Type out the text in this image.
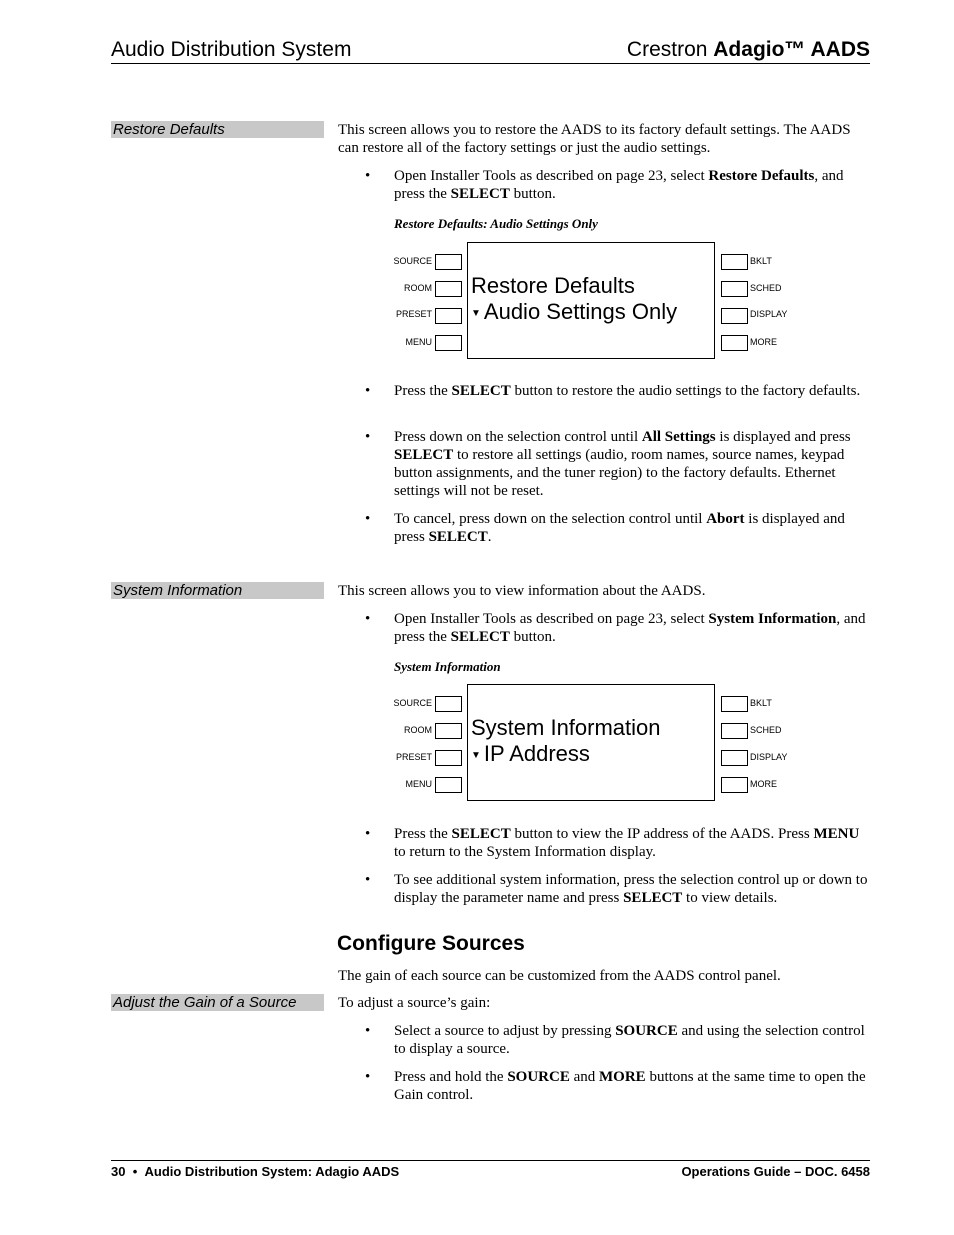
Audio Distribution System	Crestron Adagio™ AADS
Restore Defaults	This screen allows you to restore the AADS to its factory default settings. The AADS can restore all of the factory settings or just the audio settings.
• Open Installer Tools as described on page 23, select Restore Defaults, and press the SELECT button.
Restore Defaults: Audio Settings Only
SOURCE
ROOM
PRESET
MENU
Restore Defaults
▼ Audio Settings Only
BKLT
SCHED
DISPLAY
MORE
• Press the SELECT button to restore the audio settings to the factory defaults.
• Press down on the selection control until All Settings is displayed and press SELECT to restore all settings (audio, room names, source names, keypad button assignments, and the tuner region) to the factory defaults. Ethernet settings will not be reset.
• To cancel, press down on the selection control until Abort is displayed and press SELECT.
System Information	This screen allows you to view information about the AADS.
• Open Installer Tools as described on page 23, select System Information, and press the SELECT button.
System Information
SOURCE
ROOM
PRESET
MENU
System Information
▼ IP Address
BKLT
SCHED
DISPLAY
MORE
• Press the SELECT button to view the IP address of the AADS. Press MENU to return to the System Information display.
• To see additional system information, press the selection control up or down to display the parameter name and press SELECT to view details.
Configure Sources
The gain of each source can be customized from the AADS control panel.
Adjust the Gain of a Source	To adjust a source’s gain:
• Select a source to adjust by pressing SOURCE and using the selection control to display a source.
• Press and hold the SOURCE and MORE buttons at the same time to open the Gain control.
30 • Audio Distribution System: Adagio AADS	Operations Guide – DOC. 6458
